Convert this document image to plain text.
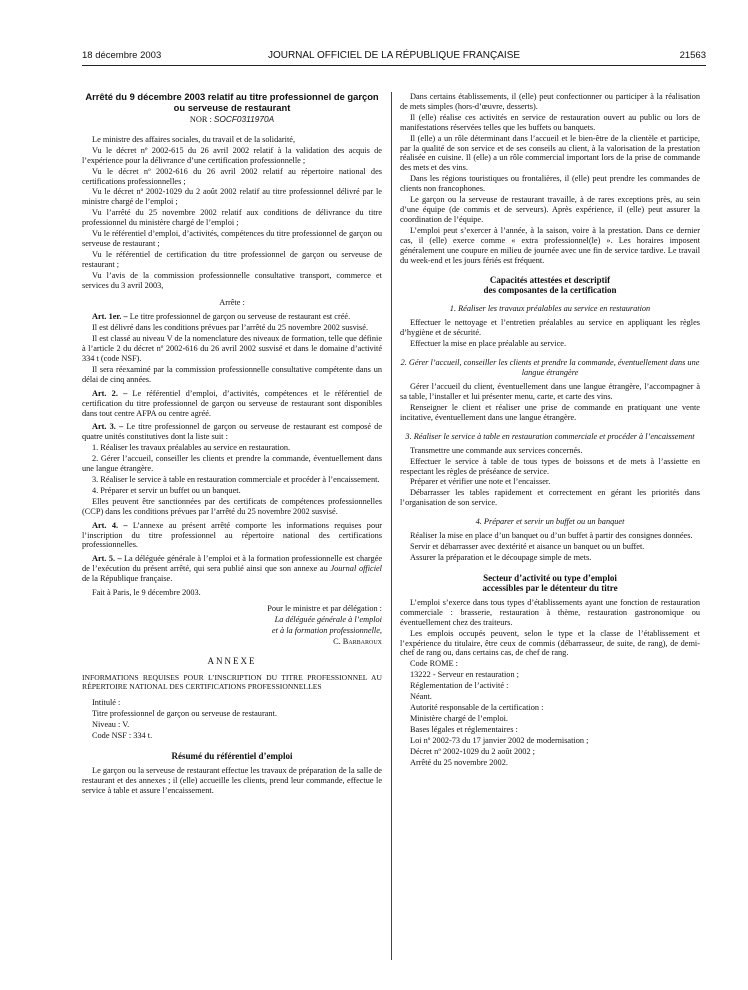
18 décembre 2003	JOURNAL OFFICIEL DE LA RÉPUBLIQUE FRANÇAISE	21563
Arrêté du 9 décembre 2003 relatif au titre professionnel de garçon ou serveuse de restaurant
NOR : SOCF0311970A

Le ministre des affaires sociales, du travail et de la solidarité,

Vu le décret nº 2002-615 du 26 avril 2002 relatif à la validation des acquis de l’expérience pour la délivrance d’une certification professionnelle ;

Vu le décret nº 2002-616 du 26 avril 2002 relatif au répertoire national des certifications professionnelles ;

Vu le décret nº 2002-1029 du 2 août 2002 relatif au titre professionnel délivré par le ministre chargé de l’emploi ;

Vu l’arrêté du 25 novembre 2002 relatif aux conditions de délivrance du titre professionnel du ministère chargé de l’emploi ;

Vu le référentiel d’emploi, d’activités, compétences du titre professionnel de garçon ou serveuse de restaurant ;

Vu le référentiel de certification du titre professionnel de garçon ou serveuse de restaurant ;

Vu l’avis de la commission professionnelle consultative transport, commerce et services du 3 avril 2003,

Arrête :

Art. 1er. – Le titre professionnel de garçon ou serveuse de restaurant est créé.

Il est délivré dans les conditions prévues par l’arrêté du 25 novembre 2002 susvisé.

Il est classé au niveau V de la nomenclature des niveaux de formation, telle que définie à l’article 2 du décret nº 2002-616 du 26 avril 2002 susvisé et dans le domaine d’activité 334 t (code NSF).

Il sera réexaminé par la commission professionnelle consultative compétente dans un délai de cinq années.

Art. 2. – Le référentiel d’emploi, d’activités, compétences et le référentiel de certification du titre professionnel de garçon ou serveuse de restaurant sont disponibles dans tout centre AFPA ou centre agréé.

Art. 3. – Le titre professionnel de garçon ou serveuse de restaurant est composé de quatre unités constitutives dont la liste suit :

1. Réaliser les travaux préalables au service en restauration.

2. Gérer l’accueil, conseiller les clients et prendre la commande, éventuellement dans une langue étrangère.

3. Réaliser le service à table en restauration commerciale et procéder à l’encaissement.

4. Préparer et servir un buffet ou un banquet.

Elles peuvent être sanctionnées par des certificats de compétences professionnelles (CCP) dans les conditions prévues par l’arrêté du 25 novembre 2002 susvisé.

Art. 4. – L’annexe au présent arrêté comporte les informations requises pour l’inscription du titre professionnel au répertoire national des certifications professionnelles.

Art. 5. – La déléguée générale à l’emploi et à la formation professionnelle est chargée de l’exécution du présent arrêté, qui sera publié ainsi que son annexe au Journal officiel de la République française.

Fait à Paris, le 9 décembre 2003.

Pour le ministre et par délégation :

La déléguée générale à l’emploi

et à la formation professionnelle,

C. Barbaroux

ANNEXE

INFORMATIONS REQUISES POUR L’INSCRIPTION DU TITRE PROFESSIONNEL AU RÉPERTOIRE NATIONAL DES CERTIFICATIONS PROFESSIONNELLES

Intitulé :

Titre professionnel de garçon ou serveuse de restaurant.

Niveau : V.

Code NSF : 334 t.

Résumé du référentiel d’emploi

Le garçon ou la serveuse de restaurant effectue les travaux de préparation de la salle de restaurant et des annexes ; il (elle) accueille les clients, prend leur commande, effectue le service à table et assure l’encaissement.

Dans certains établissements, il (elle) peut confectionner ou participer à la réalisation de mets simples (hors-d’œuvre, desserts).

Il (elle) réalise ces activités en service de restauration ouvert au public ou lors de manifestations réservées telles que les buffets ou banquets.

Il (elle) a un rôle déterminant dans l’accueil et le bien-être de la clientèle et participe, par la qualité de son service et de ses conseils au client, à la valorisation de la prestation réalisée en cuisine. Il (elle) a un rôle commercial important lors de la prise de commande des mets et des vins.

Dans les régions touristiques ou frontalières, il (elle) peut prendre les commandes de clients non francophones.

Le garçon ou la serveuse de restaurant travaille, à de rares exceptions près, au sein d’une équipe (de commis et de serveurs). Après expérience, il (elle) peut assurer la coordination de l’équipe.

L’emploi peut s’exercer à l’année, à la saison, voire à la prestation. Dans ce dernier cas, il (elle) exerce comme « extra professionnel(le) ». Les horaires imposent généralement une coupure en milieu de journée avec une fin de service tardive. Le travail du week-end et les jours fériés est fréquent.

Capacités attestées et descriptif
des composantes de la certification
1. Réaliser les travaux préalables au service en restauration

Effectuer le nettoyage et l’entretien préalables au service en appliquant les règles d’hygiène et de sécurité.

Effectuer la mise en place préalable au service.

2. Gérer l’accueil, conseiller les clients et prendre la commande, éventuellement dans une langue étrangère

Gérer l’accueil du client, éventuellement dans une langue étrangère, l’accompagner à sa table, l’installer et lui présenter menu, carte, et carte des vins.

Renseigner le client et réaliser une prise de commande en pratiquant une vente incitative, éventuellement dans une langue étrangère.

3. Réaliser le service à table en restauration commerciale et procéder à l’encaissement

Transmettre une commande aux services concernés.

Effectuer le service à table de tous types de boissons et de mets à l’assiette en respectant les règles de préséance de service.

Préparer et vérifier une note et l’encaisser.

Débarrasser les tables rapidement et correctement en gérant les priorités dans l’organisation de son service.

4. Préparer et servir un buffet ou un banquet

Réaliser la mise en place d’un banquet ou d’un buffet à partir des consignes données.

Servir et débarrasser avec dextérité et aisance un banquet ou un buffet.

Assurer la préparation et le découpage simple de mets.

Secteur d’activité ou type d’emploi
accessibles par le détenteur du titre

L’emploi s’exerce dans tous types d’établissements ayant une fonction de restauration commerciale : brasserie, restauration à thème, restauration gastronomique ou éventuellement chez des traiteurs.

Les emplois occupés peuvent, selon le type et la classe de l’établissement et l’expérience du titulaire, être ceux de commis (débarrasseur, de suite, de rang), de demi-chef de rang ou, dans certains cas, de chef de rang.

Code ROME :

13222 - Serveur en restauration ;

Réglementation de l’activité :

Néant.

Autorité responsable de la certification :

Ministère chargé de l’emploi.

Bases légales et réglementaires :

Loi nº 2002-73 du 17 janvier 2002 de modernisation ;

Décret nº 2002-1029 du 2 août 2002 ;

Arrêté du 25 novembre 2002.
